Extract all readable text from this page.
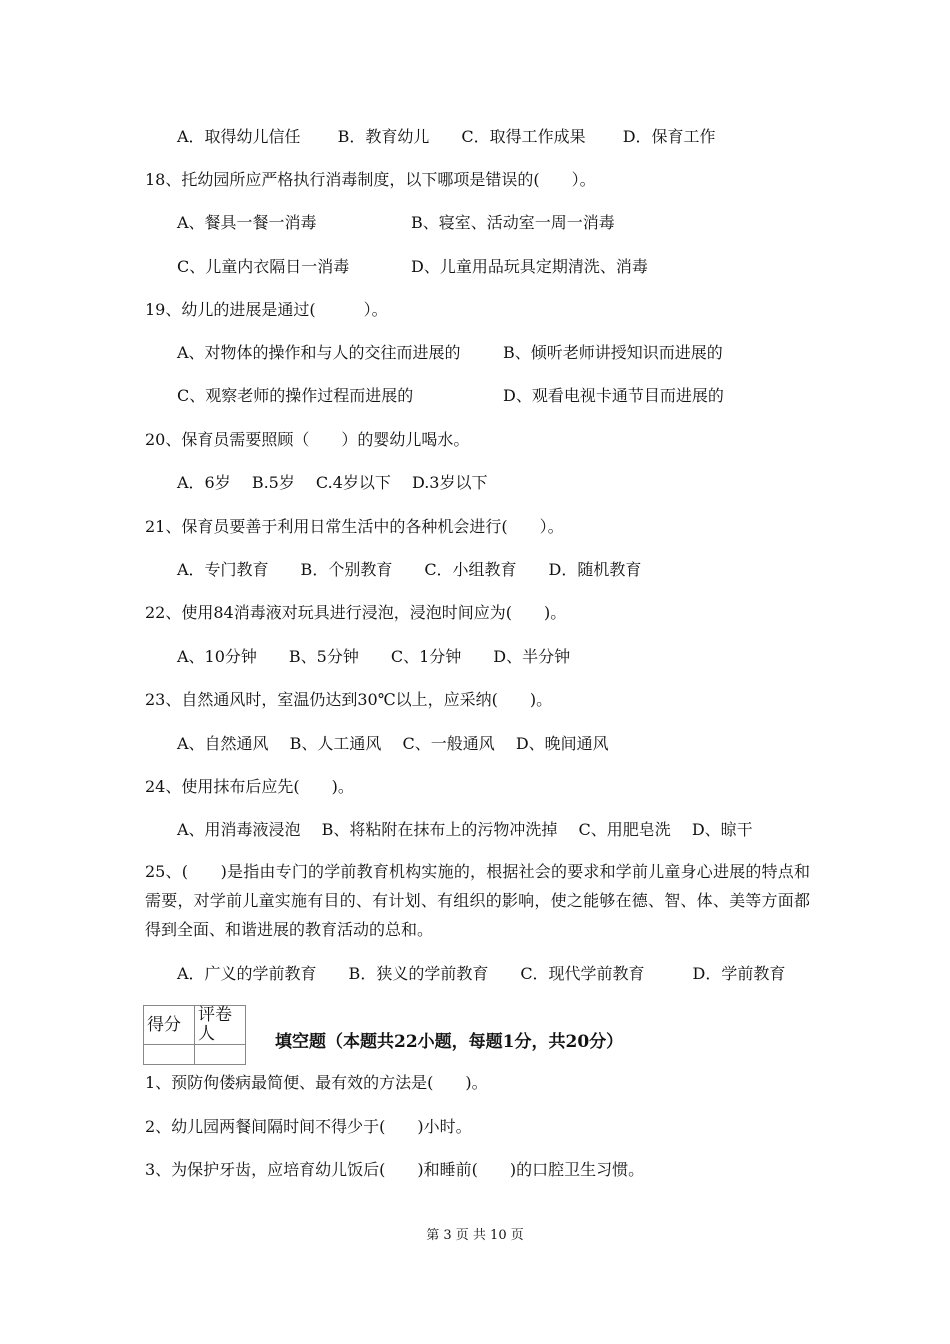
A．取得幼儿信任　　 B．教育幼儿　　C．取得工作成果　　 D．保育工作
18、托幼园所应严格执行消毒制度，以下哪项是错误的(　　）。
A、餐具一餐一消毒	B、寝室、活动室一周一消毒
C、儿童内衣隔日一消毒	D、儿童用品玩具定期清洗、消毒
19、幼儿的进展是通过(　　　）。
A、对物体的操作和与人的交往而进展的	B、倾听老师讲授知识而进展的
C、观察老师的操作过程而进展的	D、观看电视卡通节目而进展的
20、保育员需要照顾（　　）的婴幼儿喝水。
A．6岁　 B.5岁　 C.4岁以下　 D.3岁以下
21、保育员要善于利用日常生活中的各种机会进行(　　）。
A．专门教育　　B．个别教育　　C．小组教育　　D．随机教育
22、使用84消毒液对玩具进行浸泡，浸泡时间应为(　　)。
A、10分钟　　B、5分钟　　C、1分钟　　D、半分钟
23、自然通风时，室温仍达到30℃以上，应采纳(　　)。
A、自然通风　 B、人工通风　 C、一般通风　 D、晚间通风
24、使用抹布后应先(　　)。
A、用消毒液浸泡　 B、将粘附在抹布上的污物冲洗掉　 C、用肥皂洗　 D、晾干
25、(　　)是指由专门的学前教育机构实施的，根据社会的要求和学前儿童身心进展的特点和需要，对学前儿童实施有目的、有计划、有组织的影响，使之能够在德、智、体、美等方面都得到全面、和谐进展的教育活动的总和。
A．广义的学前教育　　B．狭义的学前教育　　C．现代学前教育　　　D．学前教育
得分	评卷人
		填空题（本题共22小题，每题1分，共20分）
1、预防佝偻病最简便、最有效的方法是(　　)。
2、幼儿园两餐间隔时间不得少于(　　)小时。
3、为保护牙齿，应培育幼儿饭后(　　)和睡前(　　)的口腔卫生习惯。
第 3 页 共 10 页
